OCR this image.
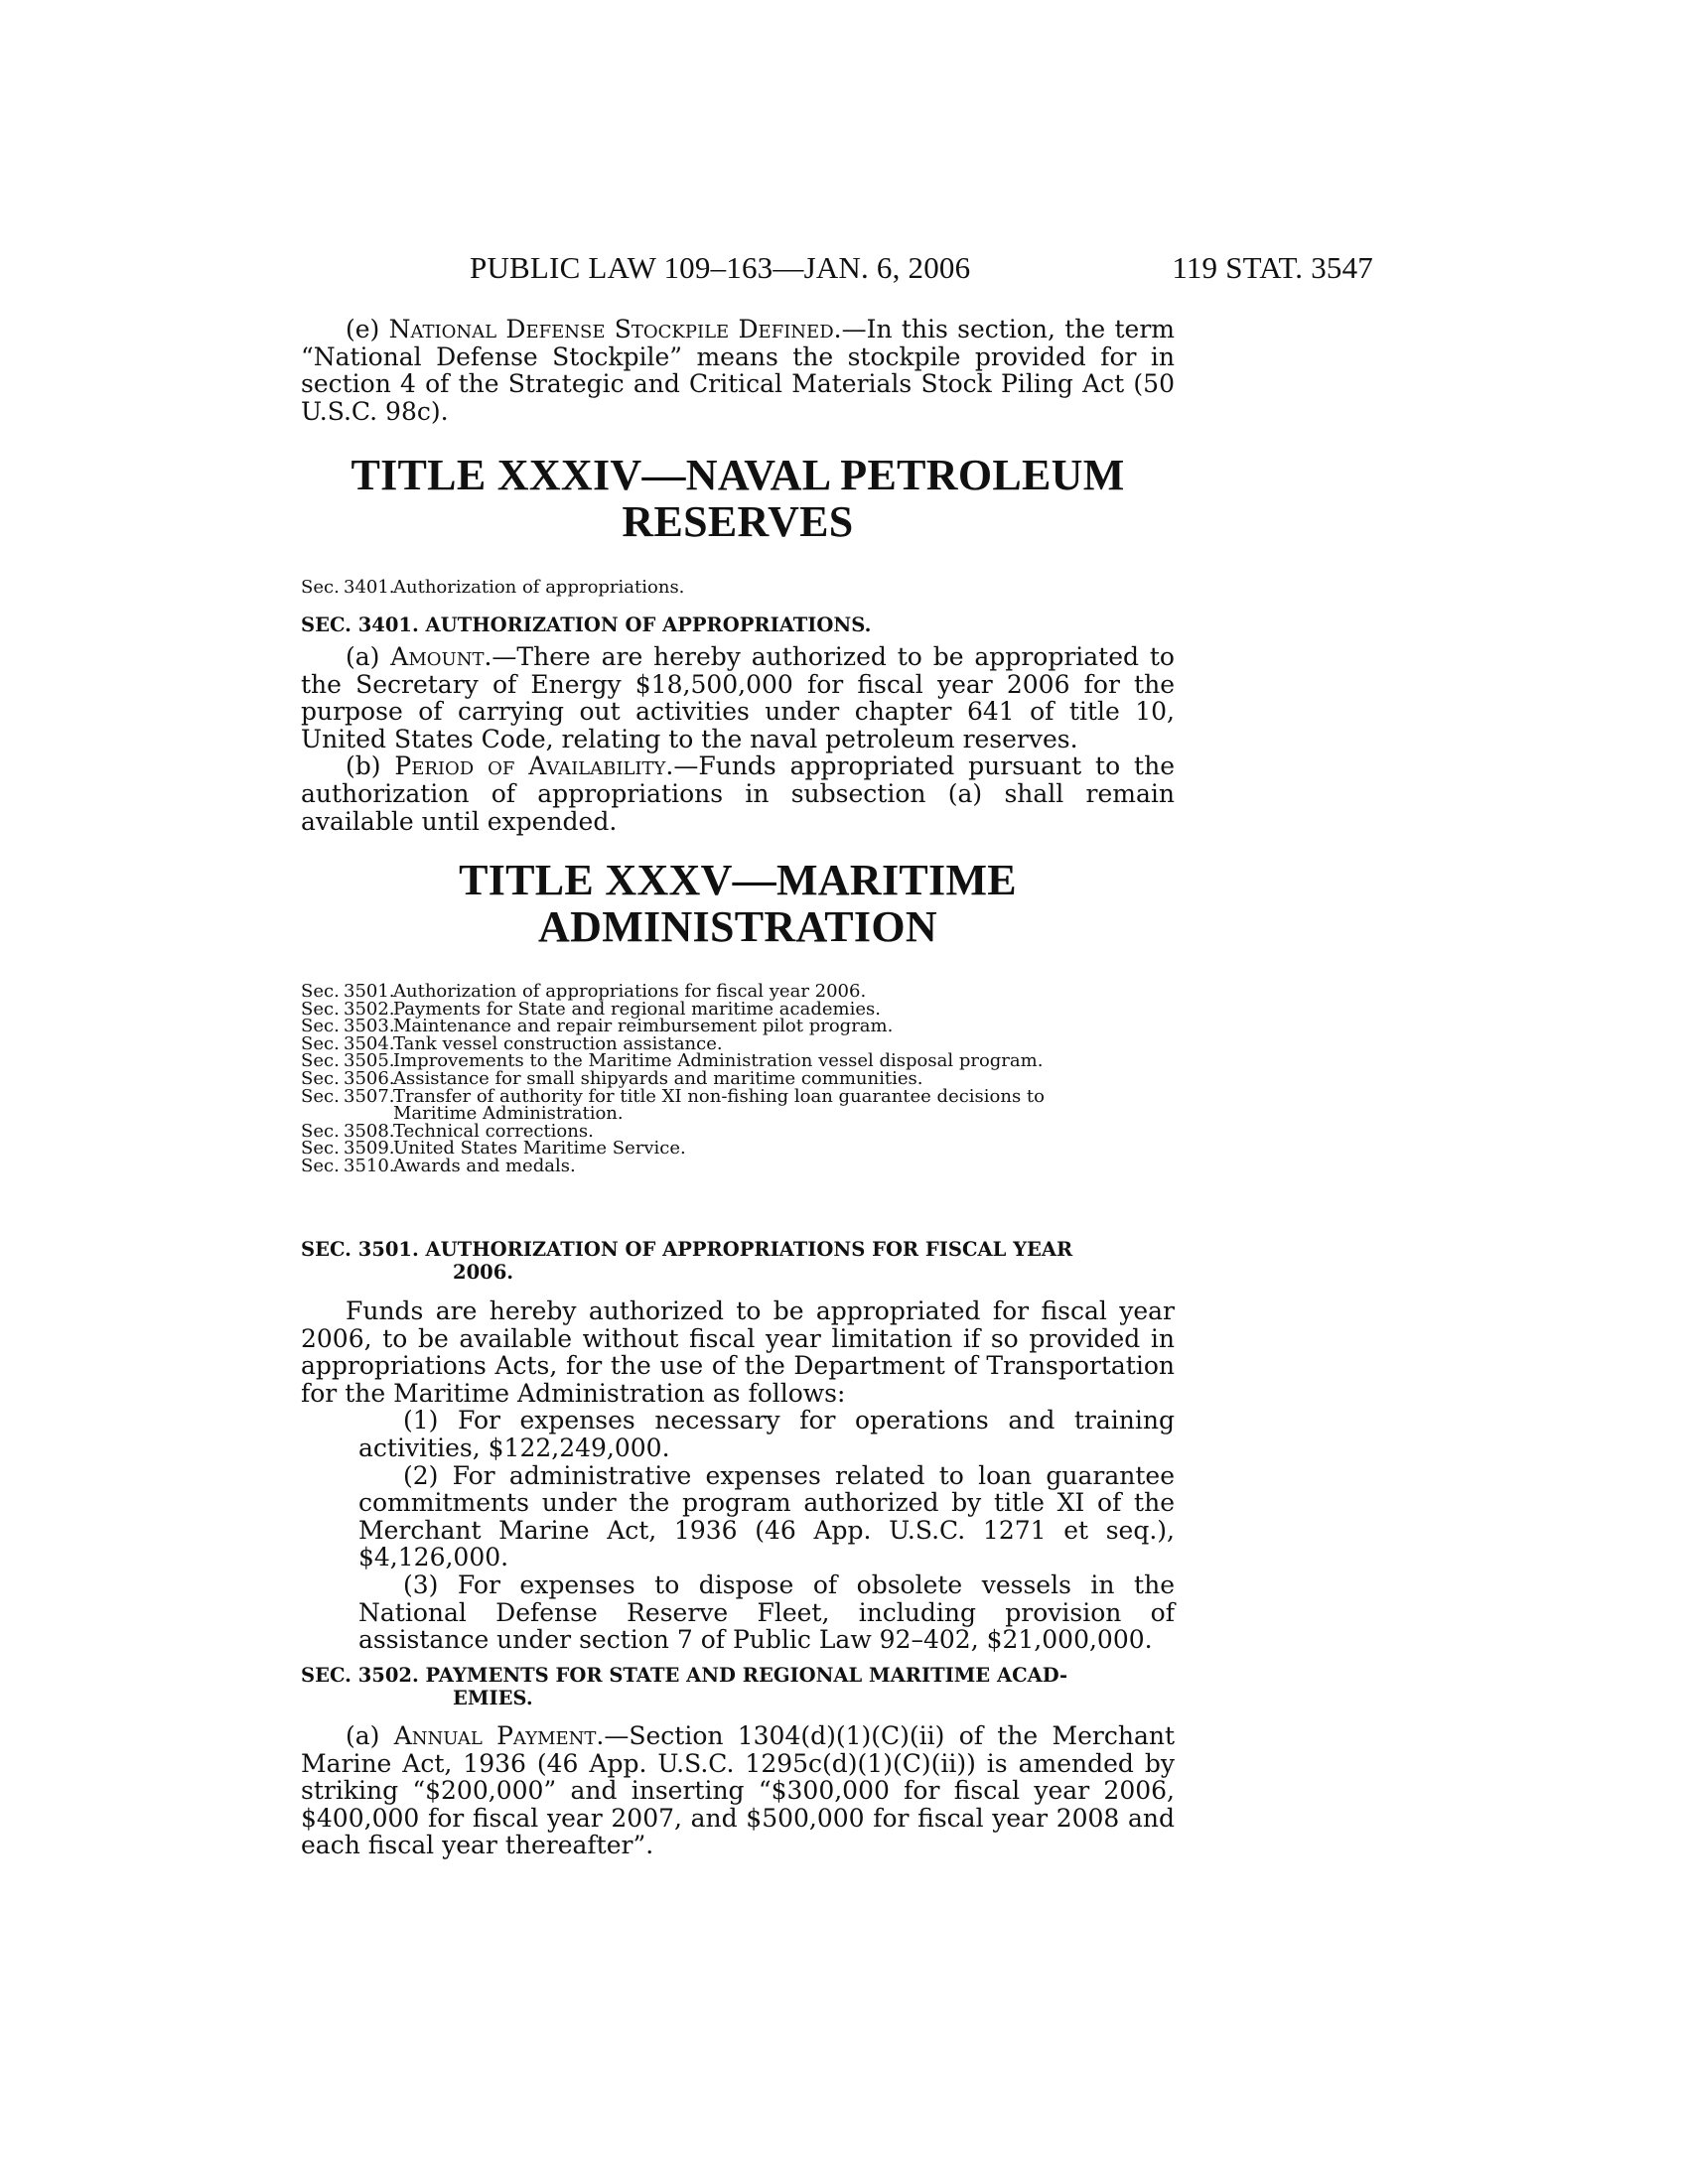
PUBLIC LAW 109–163—JAN. 6, 2006	119 STAT. 3547
(e) National Defense Stockpile Defined.—In this section, the term “National Defense Stockpile” means the stockpile provided for in section 4 of the Strategic and Critical Materials Stock Piling Act (50 U.S.C. 98c).
TITLE XXXIV—NAVAL PETROLEUM
RESERVES
Sec. 3401.
Authorization of appropriations.
SEC. 3401. AUTHORIZATION OF APPROPRIATIONS.

(a) Amount.—There are hereby authorized to be appropriated to the Secretary of Energy $18,500,000 for fiscal year 2006 for the purpose of carrying out activities under chapter 641 of title 10, United States Code, relating to the naval petroleum reserves.

(b) Period of Availability.—Funds appropriated pursuant to the authorization of appropriations in subsection (a) shall remain available until expended.

TITLE XXXV—MARITIME
ADMINISTRATION
Sec. 3501.
Authorization of appropriations for fiscal year 2006.
Sec. 3502.
Payments for State and regional maritime academies.
Sec. 3503.
Maintenance and repair reimbursement pilot program.
Sec. 3504.
Tank vessel construction assistance.
Sec. 3505.
Improvements to the Maritime Administration vessel disposal program.
Sec. 3506.
Assistance for small shipyards and maritime communities.
Sec. 3507.
Transfer of authority for title XI non-fishing loan guarantee decisions to
Maritime Administration.
Sec. 3508.
Technical corrections.
Sec. 3509.
United States Maritime Service.
Sec. 3510.
Awards and medals.
SEC. 3501. AUTHORIZATION OF APPROPRIATIONS FOR FISCAL YEAR
2006.

Funds are hereby authorized to be appropriated for fiscal year 2006, to be available without fiscal year limitation if so provided in appropriations Acts, for the use of the Department of Transportation for the Maritime Administration as follows:

(1) For expenses necessary for operations and training activities, $122,249,000.

(2) For administrative expenses related to loan guarantee commitments under the program authorized by title XI of the Merchant Marine Act, 1936 (46 App. U.S.C. 1271 et seq.), $4,126,000.

(3) For expenses to dispose of obsolete vessels in the National Defense Reserve Fleet, including provision of assistance under section 7 of Public Law 92–402, $21,000,000.

SEC. 3502. PAYMENTS FOR STATE AND REGIONAL MARITIME ACAD-
EMIES.

(a) Annual Payment.—Section 1304(d)(1)(C)(ii) of the Merchant Marine Act, 1936 (46 App. U.S.C. 1295c(d)(1)(C)(ii)) is amended by striking “$200,000” and inserting “$300,000 for fiscal year 2006, $400,000 for fiscal year 2007, and $500,000 for fiscal year 2008 and each fiscal year thereafter”.
